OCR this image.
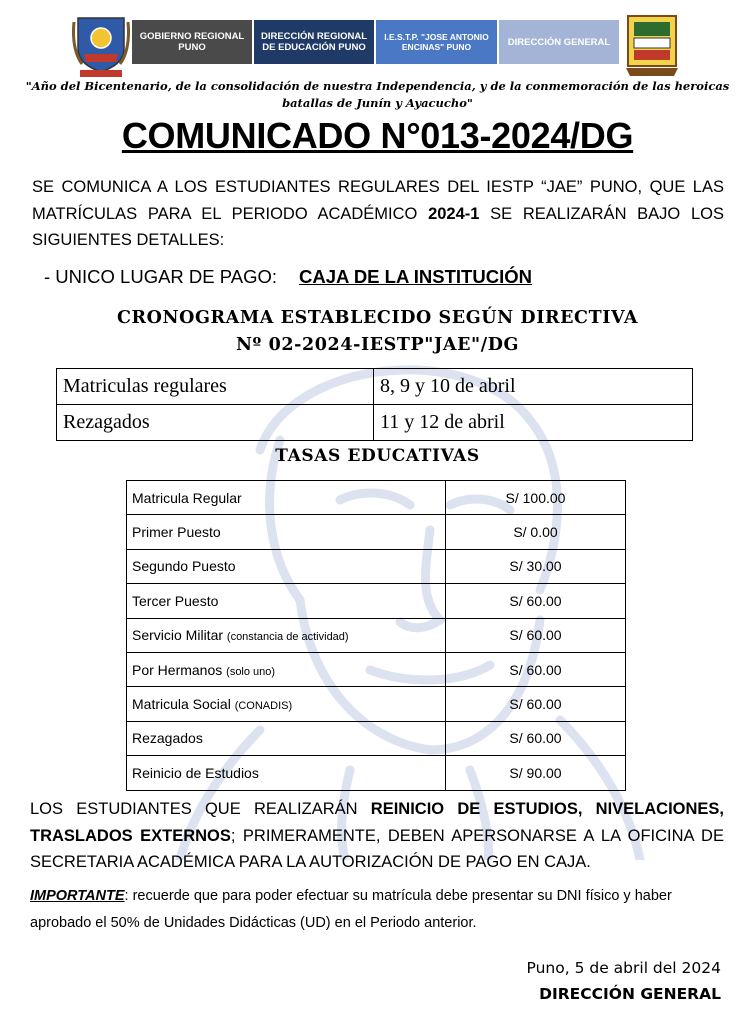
GOBIERNO REGIONAL PUNO
DIRECCIÓN REGIONAL DE EDUCACIÓN PUNO
I.E.S.T.P. "JOSE ANTONIO ENCINAS" PUNO	DIRECCIÓN GENERAL
"Año del Bicentenario, de la consolidación de nuestra Independencia, y de la conmemoración de las heroicas batallas de Junín y Ayacucho"
COMUNICADO N°013-2024/DG
SE COMUNICA A LOS ESTUDIANTES REGULARES DEL IESTP “JAE” PUNO, QUE LAS MATRÍCULAS PARA EL PERIODO ACADÉMICO 2024-1 SE REALIZARÁN BAJO LOS SIGUIENTES DETALLES:
- UNICO LUGAR DE PAGO: CAJA DE LA INSTITUCIÓN
CRONOGRAMA ESTABLECIDO SEGÚN DIRECTIVA
Nº 02-2024-IESTP"JAE"/DG
Matriculas regulares	8, 9 y 10 de abril
Rezagados	11 y 12 de abril
TASAS EDUCATIVAS
Matricula Regular	S/ 100.00
Primer Puesto	S/ 0.00
Segundo Puesto	S/ 30.00
Tercer Puesto	S/ 60.00
Servicio Militar (constancia de actividad)	S/ 60.00
Por Hermanos (solo uno)	S/ 60.00
Matricula Social (CONADIS)	S/ 60.00
Rezagados	S/ 60.00
Reinicio de Estudios	S/ 90.00
LOS ESTUDIANTES QUE REALIZARÁN REINICIO DE ESTUDIOS, NIVELACIONES, TRASLADOS EXTERNOS; PRIMERAMENTE, DEBEN APERSONARSE A LA OFICINA DE SECRETARIA ACADÉMICA PARA LA AUTORIZACIÓN DE PAGO EN CAJA.
IMPORTANTE: recuerde que para poder efectuar su matrícula debe presentar su DNI físico y haber aprobado el 50% de Unidades Didácticas (UD) en el Periodo anterior.
Puno, 5 de abril del 2024
DIRECCIÓN GENERAL
